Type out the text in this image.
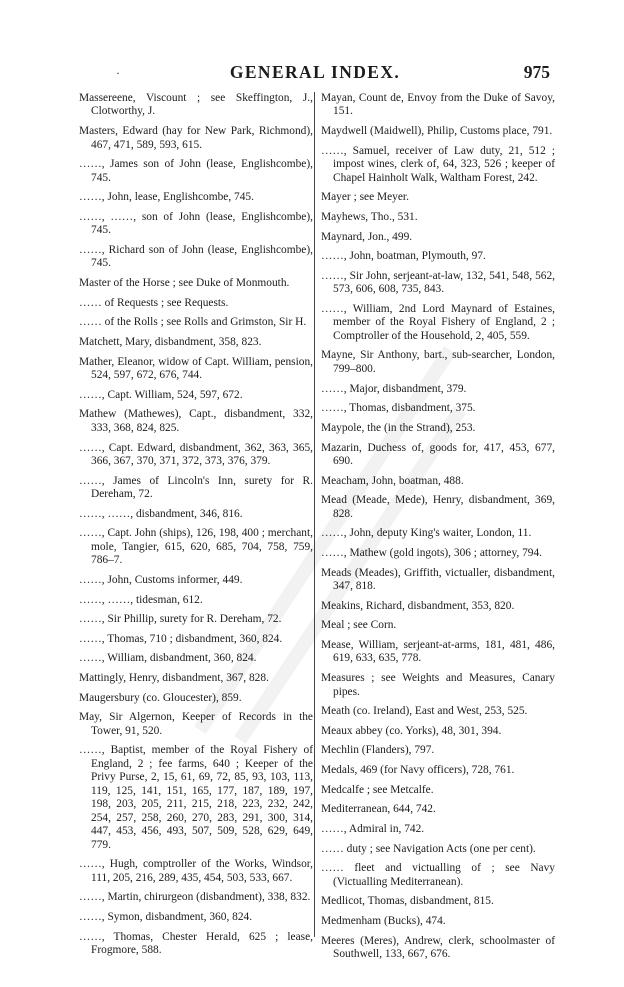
·	GENERAL INDEX.	975

Massereene, Viscount ; see Skeffington, J., Clotworthy, J.

Masters, Edward (hay for New Park, Richmond), 467, 471, 589, 593, 615.

……, James son of John (lease, Englishcombe), 745.

……, John, lease, Englishcombe, 745.

……, ……, son of John (lease, Englishcombe), 745.

……, Richard son of John (lease, Englishcombe), 745.

Master of the Horse ; see Duke of Monmouth.

…… of Requests ; see Requests.

…… of the Rolls ; see Rolls and Grimston, Sir H.

Matchett, Mary, disbandment, 358, 823.

Mather, Eleanor, widow of Capt. William, pension, 524, 597, 672, 676, 744.

……, Capt. William, 524, 597, 672.

Mathew (Mathewes), Capt., disbandment, 332, 333, 368, 824, 825.

……, Capt. Edward, disbandment, 362, 363, 365, 366, 367, 370, 371, 372, 373, 376, 379.

……, James of Lincoln's Inn, surety for R. Dereham, 72.

……, ……, disbandment, 346, 816.

……, Capt. John (ships), 126, 198, 400 ; merchant, mole, Tangier, 615, 620, 685, 704, 758, 759, 786–7.

……, John, Customs informer, 449.

……, ……, tidesman, 612.

……, Sir Phillip, surety for R. Dereham, 72.

……, Thomas, 710 ; disbandment, 360, 824.

……, William, disbandment, 360, 824.

Mattingly, Henry, disbandment, 367, 828.

Maugersbury (co. Gloucester), 859.

May, Sir Algernon, Keeper of Records in the Tower, 91, 520.

……, Baptist, member of the Royal Fishery of England, 2 ; fee farms, 640 ; Keeper of the Privy Purse, 2, 15, 61, 69, 72, 85, 93, 103, 113, 119, 125, 141, 151, 165, 177, 187, 189, 197, 198, 203, 205, 211, 215, 218, 223, 232, 242, 254, 257, 258, 260, 270, 283, 291, 300, 314, 447, 453, 456, 493, 507, 509, 528, 629, 649, 779.

……, Hugh, comptroller of the Works, Windsor, 111, 205, 216, 289, 435, 454, 503, 533, 667.

……, Martin, chirurgeon (disbandment), 338, 832.

……, Symon, disbandment, 360, 824.

……, Thomas, Chester Herald, 625 ; lease, Frogmore, 588.

Mayan, Count de, Envoy from the Duke of Savoy, 151.

Maydwell (Maidwell), Philip, Customs place, 791.

……, Samuel, receiver of Law duty, 21, 512 ; impost wines, clerk of, 64, 323, 526 ; keeper of Chapel Hainholt Walk, Waltham Forest, 242.

Mayer ; see Meyer.

Mayhews, Tho., 531.

Maynard, Jon., 499.

……, John, boatman, Plymouth, 97.

……, Sir John, serjeant-at-law, 132, 541, 548, 562, 573, 606, 608, 735, 843.

……, William, 2nd Lord Maynard of Estaines, member of the Royal Fishery of England, 2 ; Comptroller of the Household, 2, 405, 559.

Mayne, Sir Anthony, bart., sub-searcher, London, 799–800.

……, Major, disbandment, 379.

……, Thomas, disbandment, 375.

Maypole, the (in the Strand), 253.

Mazarin, Duchess of, goods for, 417, 453, 677, 690.

Meacham, John, boatman, 488.

Mead (Meade, Mede), Henry, disbandment, 369, 828.

……, John, deputy King's waiter, London, 11.

……, Mathew (gold ingots), 306 ; attorney, 794.

Meads (Meades), Griffith, victualler, disbandment, 347, 818.

Meakins, Richard, disbandment, 353, 820.

Meal ; see Corn.

Mease, William, serjeant-at-arms, 181, 481, 486, 619, 633, 635, 778.

Measures ; see Weights and Measures, Canary pipes.

Meath (co. Ireland), East and West, 253, 525.

Meaux abbey (co. Yorks), 48, 301, 394.

Mechlin (Flanders), 797.

Medals, 469 (for Navy officers), 728, 761.

Medcalfe ; see Metcalfe.

Mediterranean, 644, 742.

……, Admiral in, 742.

…… duty ; see Navigation Acts (one per cent).

…… fleet and victualling of ; see Navy (Victualling Mediterranean).

Medlicot, Thomas, disbandment, 815.

Medmenham (Bucks), 474.

Meeres (Meres), Andrew, clerk, schoolmaster of Southwell, 133, 667, 676.
